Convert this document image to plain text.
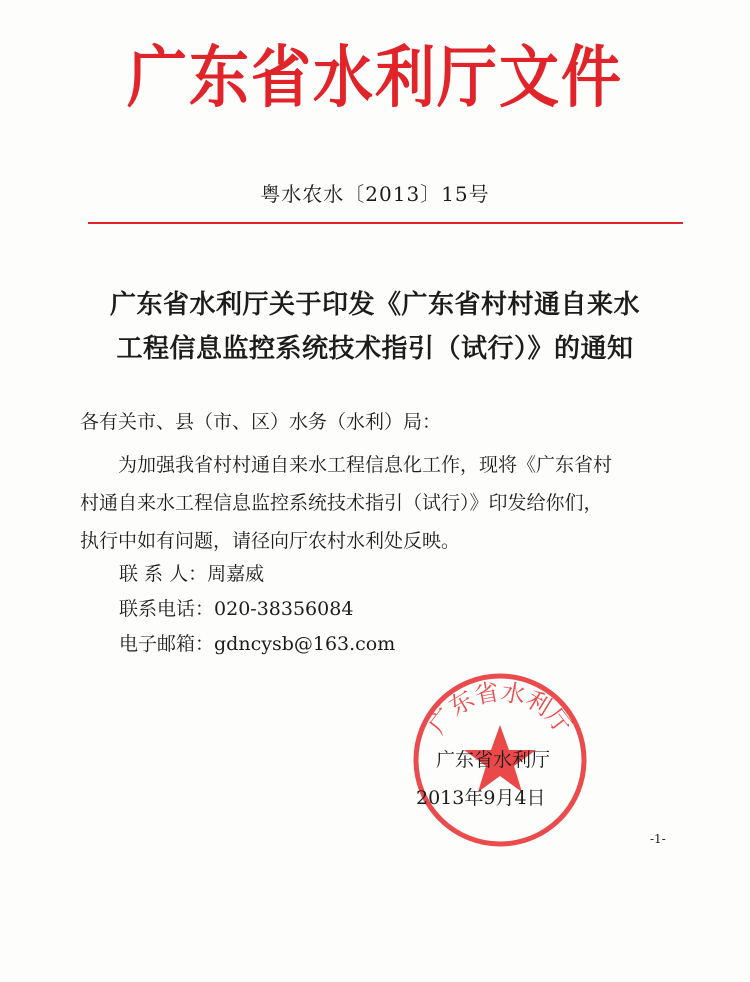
广东省水利厅文件
粤水农水〔2013〕15号
广东省水利厅关于印发《广东省村村通自来水
工程信息监控系统技术指引（试行）》的通知
各有关市、县（市、区）水务（水利）局：
为加强我省村村通自来水工程信息化工作，现将《广东省村
村通自来水工程信息监控系统技术指引（试行）》印发给你们，
执行中如有问题，请径向厅农村水利处反映。
联 系 人：周嘉威
联系电话：020-38356084
电子邮箱：gdncysb@163.com
广东省水利厅
广东省水利厅
2013年9月4日
-1-
